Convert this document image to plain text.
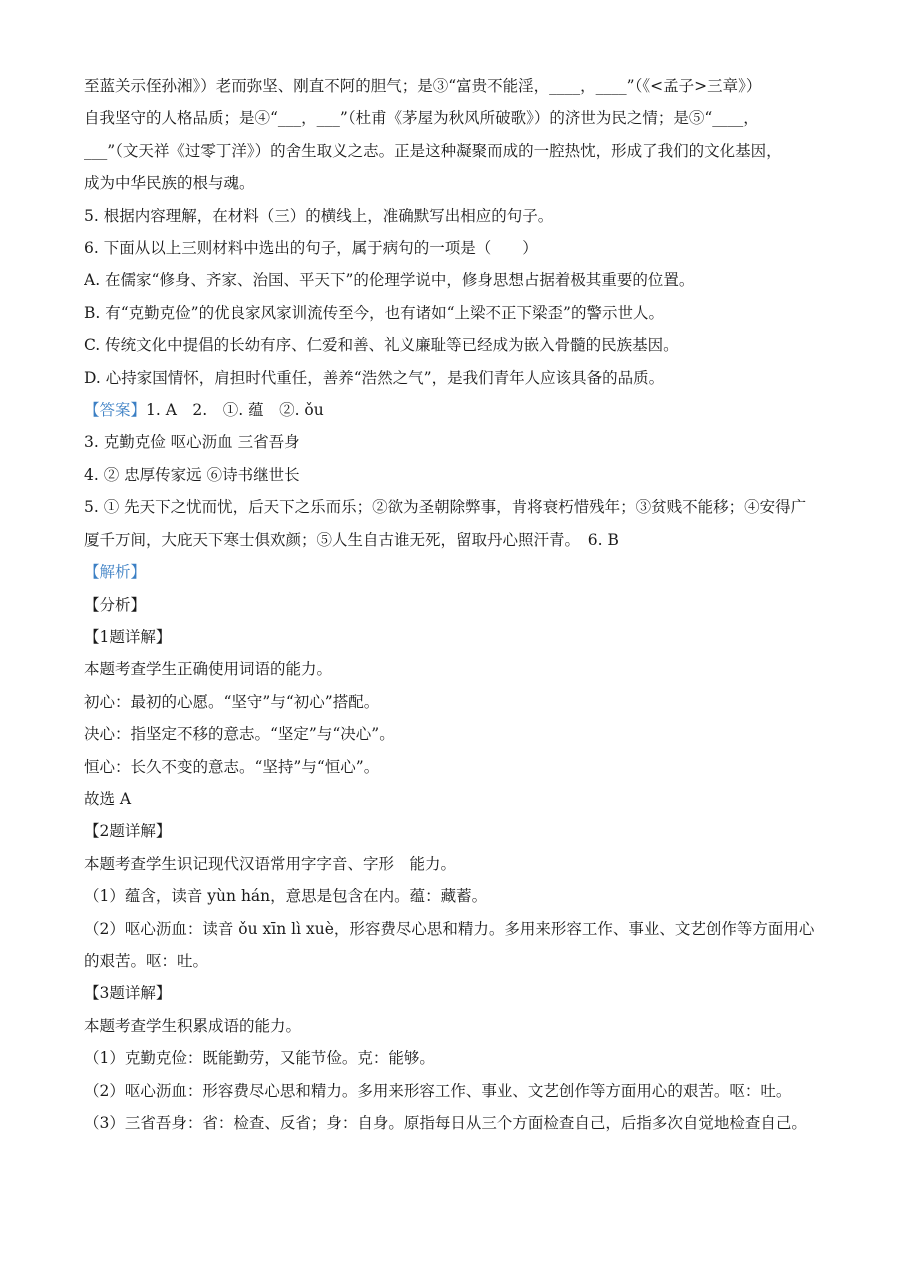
至蓝关示侄孙湘》）老而弥坚、刚直不阿的胆气；是③“富贵不能淫，____，____”（《<孟子>三章》）
自我坚守的人格品质；是④“___，___”（杜甫《茅屋为秋风所破歌》）的济世为民之情；是⑤“____，
___”（文天祥《过零丁洋》）的舍生取义之志。正是这种凝聚而成的一腔热忱，形成了我们的文化基因，
成为中华民族的根与魂。
5. 根据内容理解，在材料（三）的横线上，准确默写出相应的句子。
6. 下面从以上三则材料中选出的句子，属于病句的一项是（　　）
A. 在儒家“修身、齐家、治国、平天下”的伦理学说中，修身思想占据着极其重要的位置。
B. 有“克勤克俭”的优良家风家训流传至今，也有诸如“上梁不正下梁歪”的警示世人。
C. 传统文化中提倡的长幼有序、仁爱和善、礼义廉耻等已经成为嵌入骨髓的民族基因。
D. 心持家国情怀，肩担时代重任，善养“浩然之气”，是我们青年人应该具备的品质。
【答案】1. A　2.　①. 蕴　②. ǒu
3. 克勤克俭 呕心沥血 三省吾身
4. ② 忠厚传家远 ⑥诗书继世长
5. ① 先天下之忧而忧，后天下之乐而乐；②欲为圣朝除弊事，肯将衰朽惜残年；③贫贱不能移；④安得广
厦千万间，大庇天下寒士俱欢颜；⑤人生自古谁无死，留取丹心照汗青。　6. B
【解析】
【分析】
【1题详解】
本题考查学生正确使用词语的能力。
初心：最初的心愿。“坚守”与“初心”搭配。
决心：指坚定不移的意志。“坚定”与“决心”。
恒心：长久不变的意志。“坚持”与“恒心”。
故选 A
【2题详解】
本题考查学生识记现代汉语常用字字音、字形　能力。
（1）蕴含，读音 yùn hán，意思是包含在内。蕴：藏蓄。
（2）呕心沥血：读音 ǒu xīn lì xuè，形容费尽心思和精力。多用来形容工作、事业、文艺创作等方面用心
的艰苦。呕：吐。
【3题详解】
本题考查学生积累成语的能力。
（1）克勤克俭：既能勤劳，又能节俭。克：能够。
（2）呕心沥血：形容费尽心思和精力。多用来形容工作、事业、文艺创作等方面用心的艰苦。呕：吐。
（3）三省吾身：省：检查、反省；身：自身。原指每日从三个方面检查自己，后指多次自觉地检查自己。
